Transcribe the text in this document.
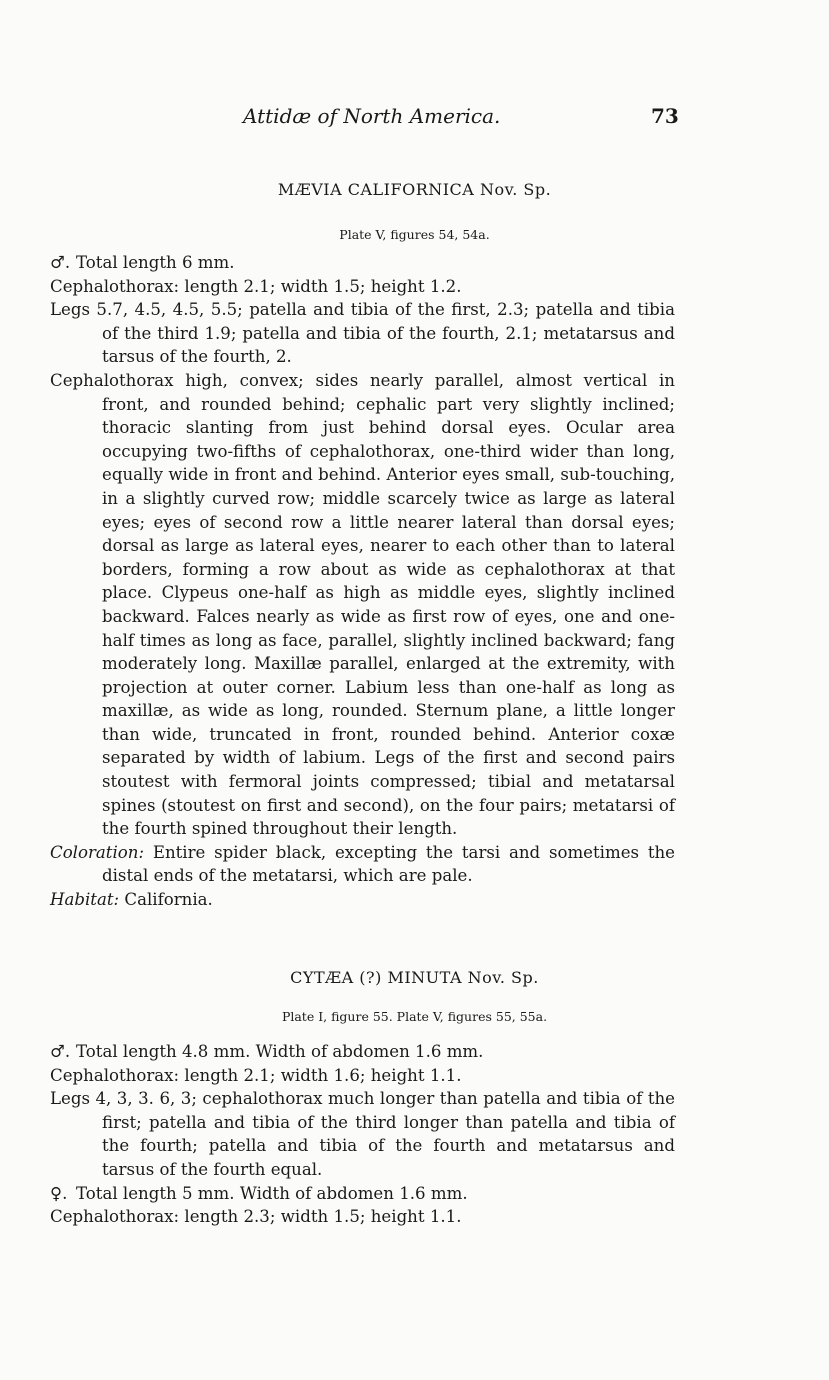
Attidæ of North America.	73
MÆVIA CALIFORNICA Nov. Sp.
Plate V, figures 54, 54a.

♂. Total length 6 mm.

Cephalothorax: length 2.1; width 1.5; height 1.2.

Legs 5.7, 4.5, 4.5, 5.5; patella and tibia of the first, 2.3; patella and tibia of the third 1.9; patella and tibia of the fourth, 2.1; metatarsus and tarsus of the fourth, 2.

Cephalothorax high, convex; sides nearly parallel, almost vertical in front, and rounded behind; cephalic part very slightly inclined; thoracic slanting from just behind dorsal eyes. Ocular area occupying two-fifths of cephalothorax, one-third wider than long, equally wide in front and behind. Anterior eyes small, sub-touching, in a slightly curved row; middle scarcely twice as large as lateral eyes; eyes of second row a little nearer lateral than dorsal eyes; dorsal as large as lateral eyes, nearer to each other than to lateral borders, forming a row about as wide as cephalothorax at that place. Clypeus one-half as high as middle eyes, slightly inclined backward. Falces nearly as wide as first row of eyes, one and one-half times as long as face, parallel, slightly inclined backward; fang moderately long. Maxillæ parallel, enlarged at the extremity, with projection at outer corner. Labium less than one-half as long as maxillæ, as wide as long, rounded. Sternum plane, a little longer than wide, truncated in front, rounded behind. Anterior coxæ separated by width of labium. Legs of the first and second pairs stoutest with fermoral joints compressed; tibial and metatarsal spines (stoutest on first and second), on the four pairs; metatarsi of the fourth spined throughout their length.

Coloration: Entire spider black, excepting the tarsi and sometimes the distal ends of the metatarsi, which are pale.

Habitat: California.

CYTÆA (?) MINUTA Nov. Sp.
Plate I, figure 55. Plate V, figures 55, 55a.

♂. Total length 4.8 mm. Width of abdomen 1.6 mm.

Cephalothorax: length 2.1; width 1.6; height 1.1.

Legs 4, 3, 3. 6, 3; cephalothorax much longer than patella and tibia of the first; patella and tibia of the third longer than patella and tibia of the fourth; patella and tibia of the fourth and metatarsus and tarsus of the fourth equal.

♀. Total length 5 mm. Width of abdomen 1.6 mm.

Cephalothorax: length 2.3; width 1.5; height 1.1.
